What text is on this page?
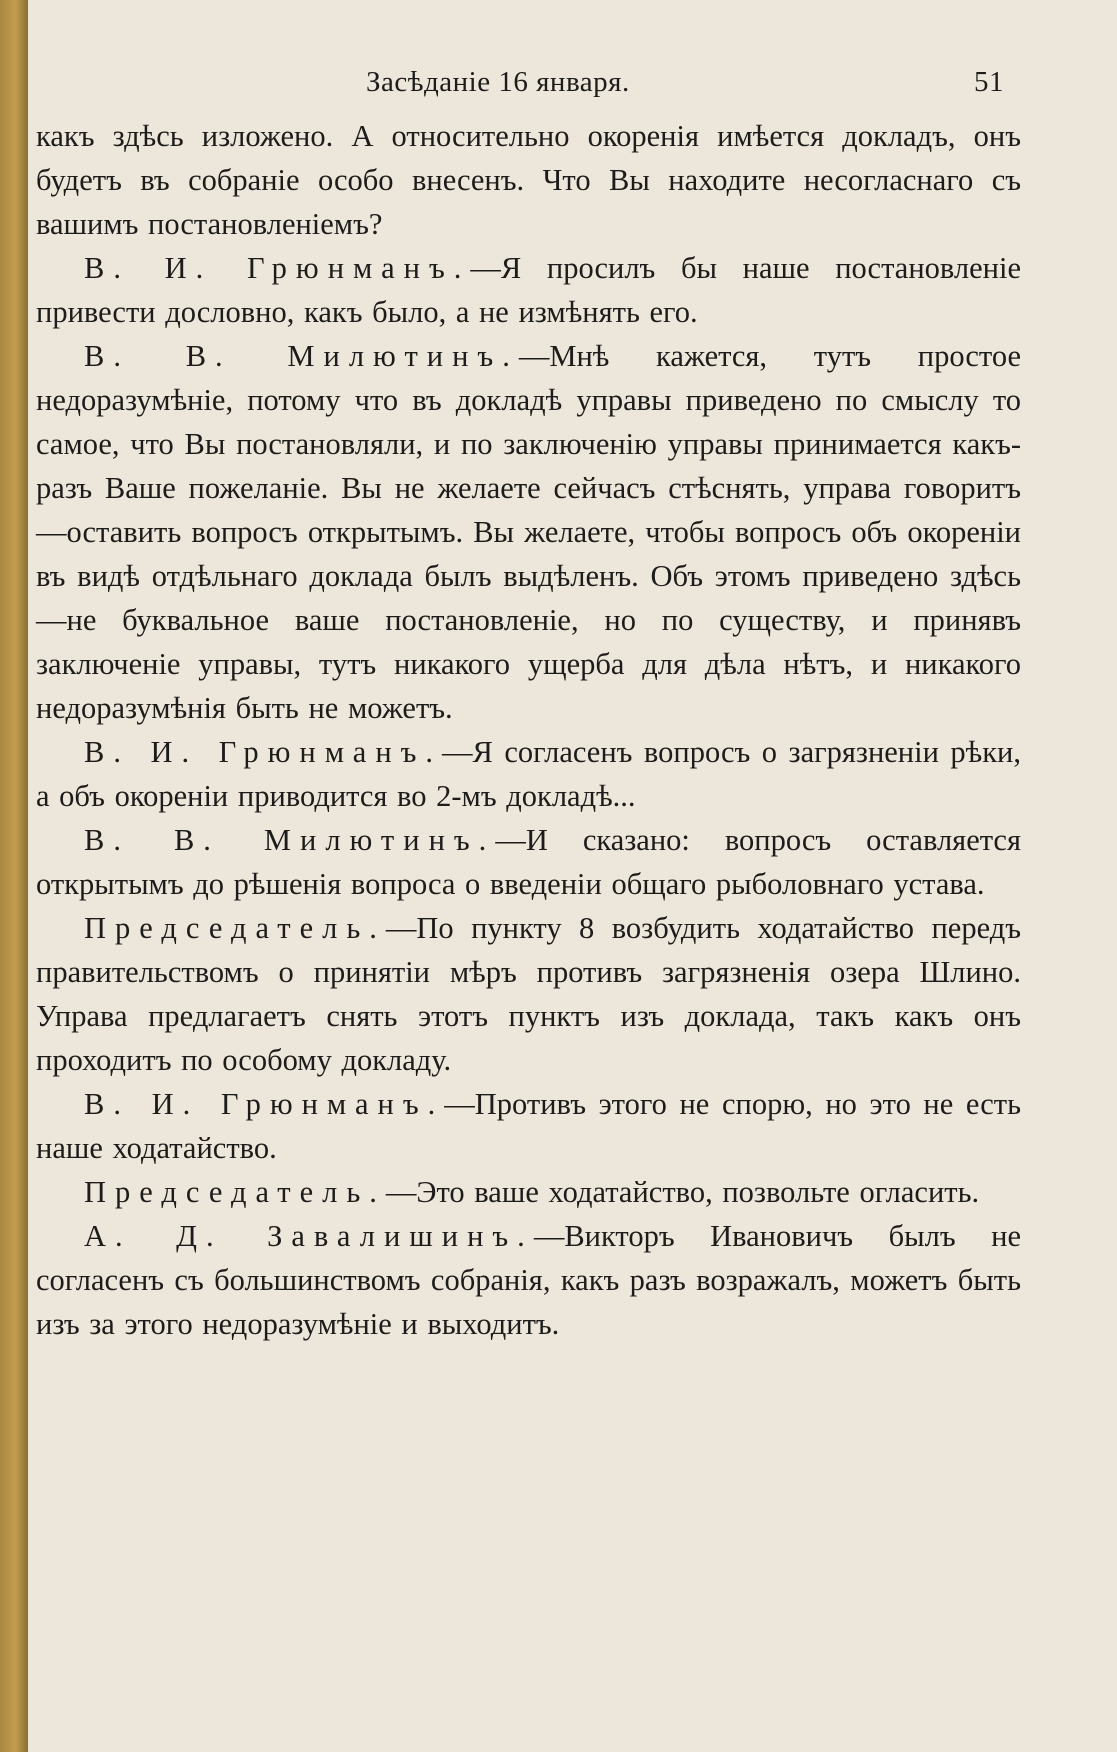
Засѣданіе 16 января.	51

какъ здѣсь изложено. А относительно окоренія имѣется докладъ, онъ будетъ въ собраніе особо внесенъ. Что Вы находите несогласнаго съ вашимъ постановленіемъ?

В. И. Грюнманъ.—Я просилъ бы наше постановленіе привести дословно, какъ было, а не измѣнять его.

В. В. Милютинъ.—Мнѣ кажется, тутъ простое недоразумѣніе, потому что въ докладѣ управы приведено по смыслу то самое, что Вы постановляли, и по заключенію управы принимается какъ-разъ Ваше пожеланіе. Вы не желаете сейчасъ стѣснять, управа говоритъ—оставить вопросъ открытымъ. Вы желаете, чтобы вопросъ объ окореніи въ видѣ отдѣльнаго доклада былъ выдѣленъ. Объ этомъ приведено здѣсь—не буквальное ваше постановленіе, но по существу, и принявъ заключеніе управы, тутъ никакого ущерба для дѣла нѣтъ, и никакого недоразумѣнія быть не можетъ.

В. И. Грюнманъ.—Я согласенъ вопросъ о загрязненіи рѣки, а объ окореніи приводится во 2-мъ докладѣ...

В. В. Милютинъ.—И сказано: вопросъ оставляется открытымъ до рѣшенія вопроса о введеніи общаго рыболовнаго устава.

Председатель.—По пункту 8 возбудить ходатайство передъ правительствомъ о принятіи мѣръ противъ загрязненія озера Шлино. Управа предлагаетъ снять этотъ пунктъ изъ доклада, такъ какъ онъ проходитъ по особому докладу.

В. И. Грюнманъ.—Противъ этого не спорю, но это не есть наше ходатайство.

Председатель.—Это ваше ходатайство, позвольте огласить.

А. Д. Завалишинъ.—Викторъ Ивановичъ былъ не согласенъ съ большинствомъ собранія, какъ разъ возражалъ, можетъ быть изъ за этого недоразумѣніе и выходитъ.
